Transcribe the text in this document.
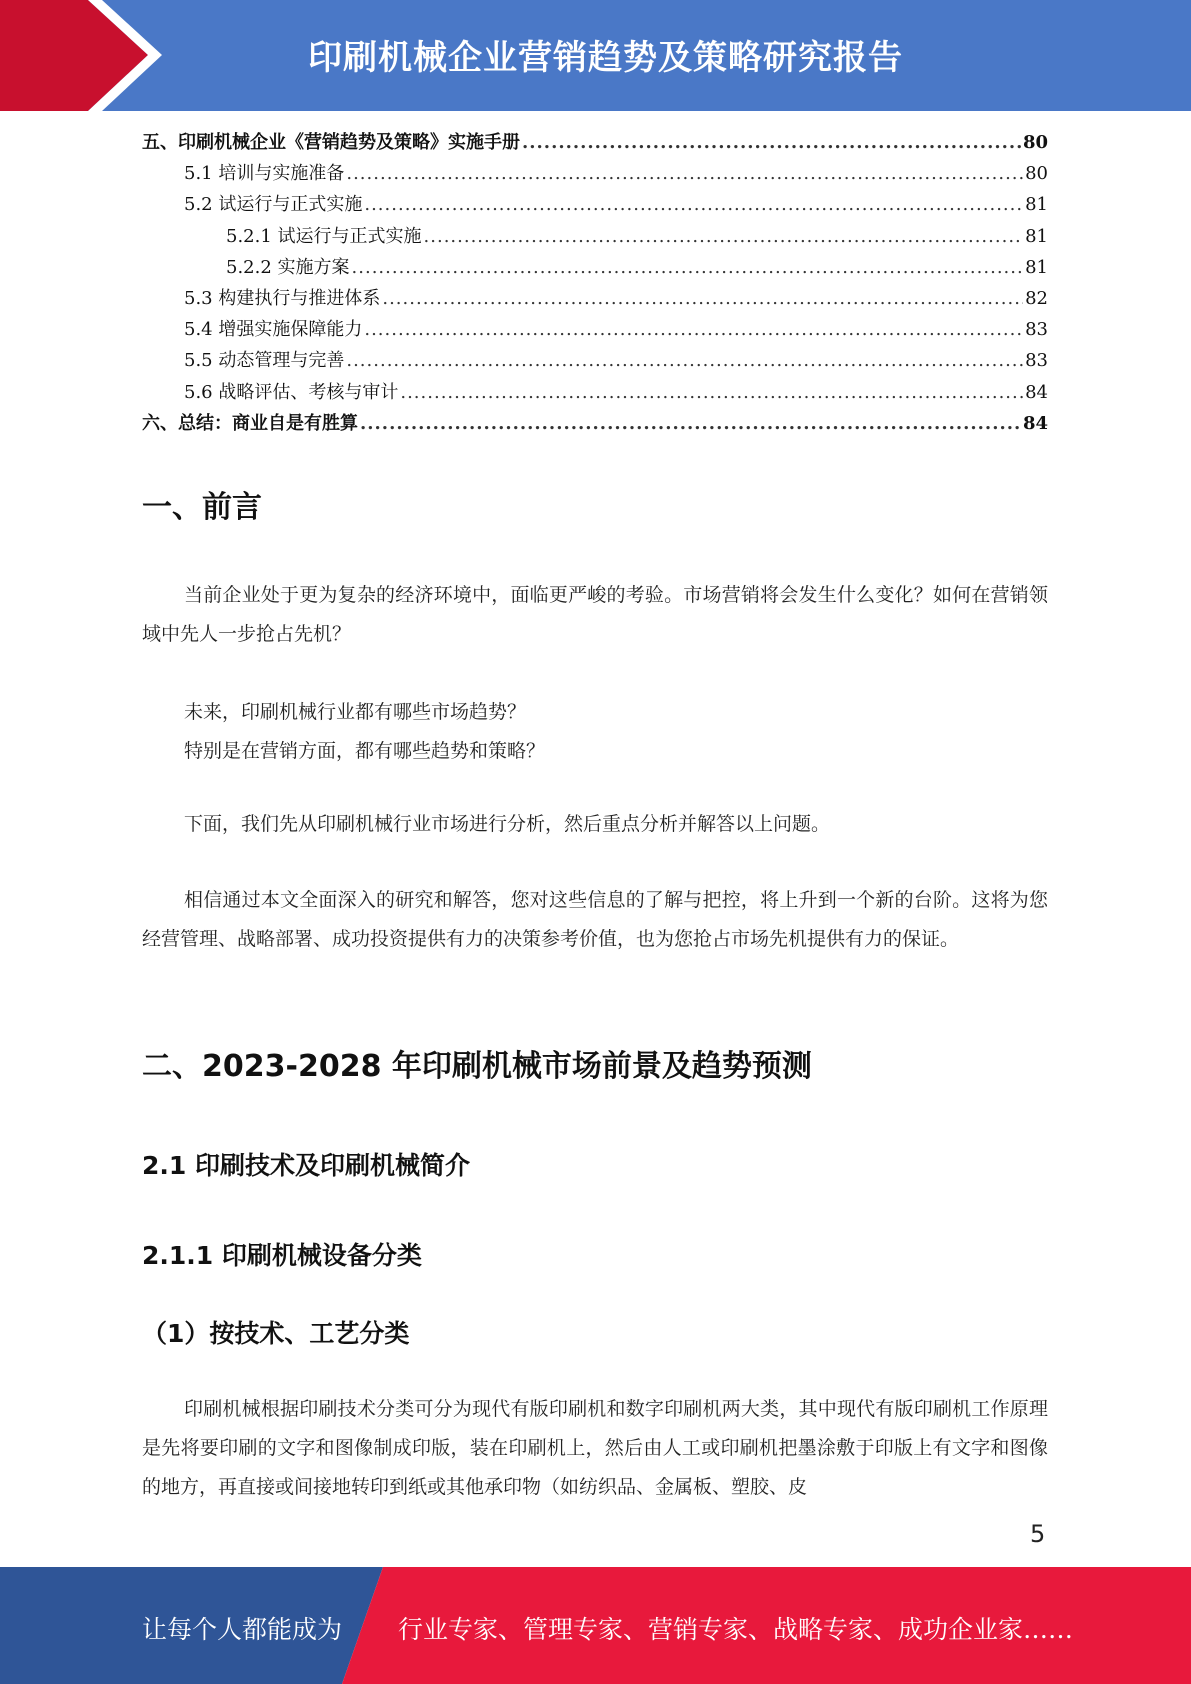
印刷机械企业营销趋势及策略研究报告
五、印刷机械企业《营销趋势及策略》实施手册 .....	80
5.1 培训与实施准备 .....	80
5.2 试运行与正式实施 .....	81
5.2.1 试运行与正式实施 .....	81
5.2.2 实施方案 .....	81
5.3 构建执行与推进体系 .....	82
5.4 增强实施保障能力 .....	83
5.5 动态管理与完善 .....	83
5.6 战略评估、考核与审计 .....	84
六、总结：商业自是有胜算 .....	84
一、前言
当前企业处于更为复杂的经济环境中，面临更严峻的考验。市场营销将会发生什么变化？如何在营销领域中先人一步抢占先机？
未来，印刷机械行业都有哪些市场趋势？
特别是在营销方面，都有哪些趋势和策略？
下面，我们先从印刷机械行业市场进行分析，然后重点分析并解答以上问题。
相信通过本文全面深入的研究和解答，您对这些信息的了解与把控，将上升到一个新的台阶。这将为您经营管理、战略部署、成功投资提供有力的决策参考价值，也为您抢占市场先机提供有力的保证。
二、2023-2028 年印刷机械市场前景及趋势预测
2.1 印刷技术及印刷机械简介
2.1.1 印刷机械设备分类
（1）按技术、工艺分类
印刷机械根据印刷技术分类可分为现代有版印刷机和数字印刷机两大类，其中现代有版印刷机工作原理是先将要印刷的文字和图像制成印版，装在印刷机上，然后由人工或印刷机把墨涂敷于印版上有文字和图像的地方，再直接或间接地转印到纸或其他承印物（如纺织品、金属板、塑胶、皮
5
让每个人都能成为 行业专家、管理专家、营销专家、战略专家、成功企业家……
